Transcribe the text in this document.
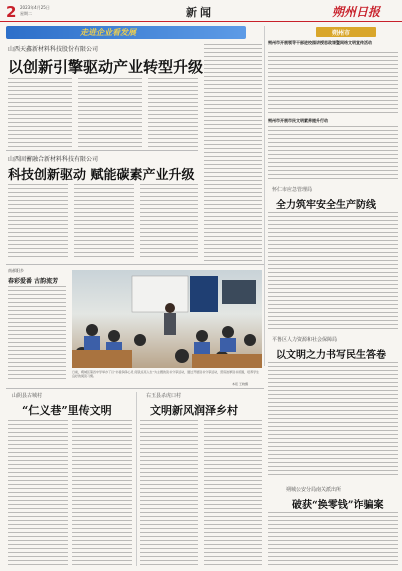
2 2023年4月25日
星期二	新闻	朔州日报
走进企业看发展
山西天鑫新材料科技股份有限公司
以创新引擎驱动产业转型升级
山西固蓄融合新材料科技有限公司
科技创新驱动 赋能碳素产业升级
朔州市
朔州市开展领导干部进校园讲授思政课暨网络文明宣传活动
朔州市开展市民文明素养提升行动
怀仁市应急管理局
全力筑牢安全生产防线
平鲁区人力资源和社会保障局
以文明之力书写民生答卷
朔城公安分局南关派出所
破获“换零钱”诈骗案
南郝阳乡
春彩爱番 古韵流芳
日前，朔城区第四中学举办了以“书香润泽心灵 阅读点亮人生”为主题的读书分享活动，通过开展读书分享活动，营造浓厚读书氛围，培养学生良好的阅读习惯。
本报 王晓摄
山阴县古城村
“仁义巷”里传文明
右玉县杀虎口村
文明新风润泽乡村
